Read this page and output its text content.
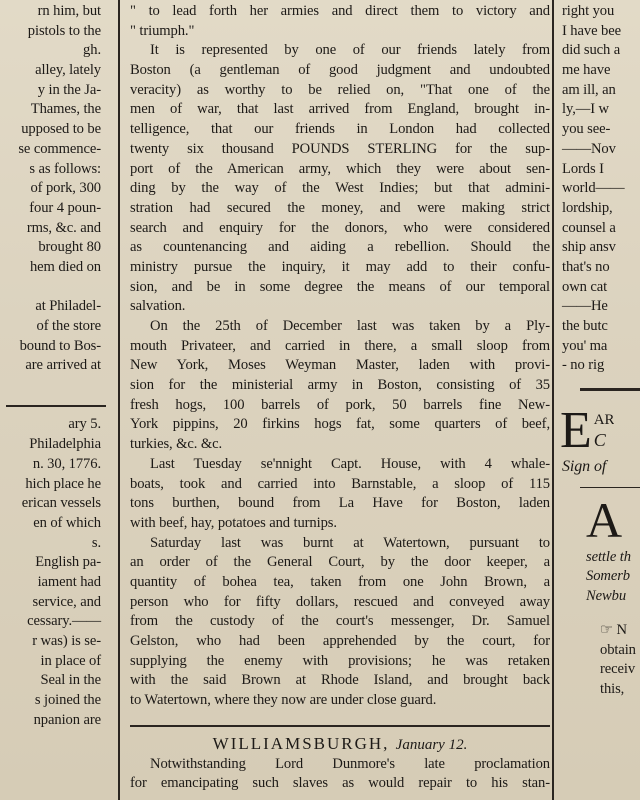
rn him, but
pistols to the
gh.
alley, lately
y in the Ja-
Thames, the
upposed to be
se commence-
s as follows:
of pork, 300
four 4 poun-
rms, &c. and
brought 80
hem died on
at Philadel-
of the store
bound to Bos-
are arrived at
ary 5.
Philadelphia
n. 30, 1776.
hich place he
erican vessels
en of which
s.
English pa-
iament had
service, and
cessary.——
r was) is se-
in place of
Seal in the
s joined the
npanion are
" to lead forth her armies and direct them to victory and
" triumph."
It is represented by one of our friends lately from
Boston (a gentleman of good judgment and undoubted
veracity) as worthy to be relied on, "That one of the
men of war, that last arrived from England, brought in-
telligence, that our friends in London had collected
twenty six thousand POUNDS STERLING for the sup-
port of the American army, which they were about sen-
ding by the way of the West Indies; but that admini-
stration had secured the money, and were making strict
search and enquiry for the donors, who were considered
as countenancing and aiding a rebellion. Should the
ministry pursue the inquiry, it may add to their confu-
sion, and be in some degree the means of our temporal
salvation.
On the 25th of December last was taken by a Ply-
mouth Privateer, and carried in there, a small sloop from
New York, Moses Weyman Master, laden with provi-
sion for the ministerial army in Boston, consisting of 35
fresh hogs, 100 barrels of pork, 50 barrels fine New-
York pippins, 20 firkins hogs fat, some quarters of beef,
turkies, &c. &c.
Last Tuesday se'nnight Capt. House, with 4 whale-
boats, took and carried into Barnstable, a sloop of 115
tons burthen, bound from La Have for Boston, laden
with beef, hay, potatoes and turnips.
Saturday last was burnt at Watertown, pursuant to
an order of the General Court, by the door keeper, a
quantity of bohea tea, taken from one John Brown, a
person who for fifty dollars, rescued and conveyed away
from the custody of the court's messenger, Dr. Samuel
Gelston, who had been apprehended by the court, for
supplying the enemy with provisions; he was retaken
with the said Brown at Rhode Island, and brought back
to Watertown, where they now are under close guard.
WILLIAMSBURGH, January 12.
Notwithstanding Lord Dunmore's late proclamation
for emancipating such slaves as would repair to his stan-
right you
I have bee
did such a
me have
am ill, an
ly,—I w
you see-
——Nov
Lords I
world——
lordship,
counsel a
ship ansv
that's no
own cat
——He
the butc
you' ma
- no rig
E AR
C
Sign of
A
settle th
Somerb
Newbu
☞ N
obtain
receiv
this,
